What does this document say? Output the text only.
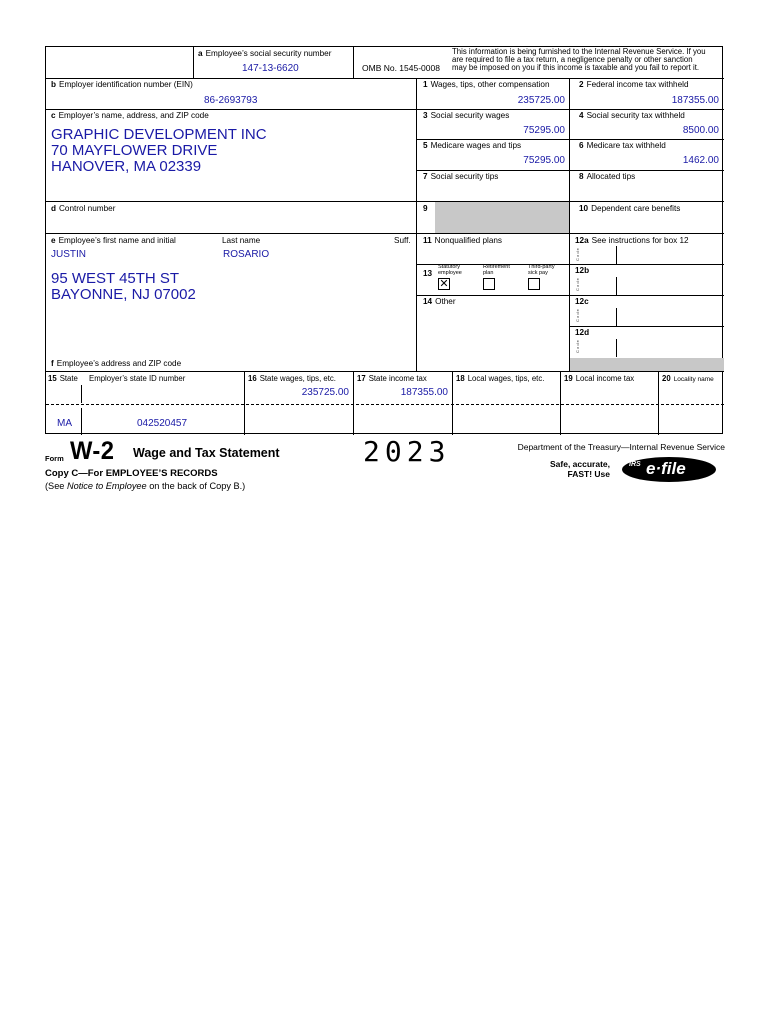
a Employee’s social security number
147-13-6620	OMB No. 1545-0008
This information is being furnished to the Internal Revenue Service. If you
are required to file a tax return, a negligence penalty or other sanction
may be imposed on you if this income is taxable and you fail to report it.
b Employer identification number (EIN)
86-2693793
c Employer’s name, address, and ZIP code
GRAPHIC DEVELOPMENT INC
70 MAYFLOWER DRIVE
HANOVER, MA 02339
d Control number
e Employee’s first name and initial	Last name	Suff.
JUSTIN	ROSARIO
95 WEST 45TH ST
BAYONNE, NJ 07002
f Employee’s address and ZIP code
1 Wages, tips, other compensation
235725.00
3 Social security wages
75295.00
5 Medicare wages and tips
75295.00
7 Social security tips
9
11 Nonqualified plans
13
Statutory employee
Retirement plan
Third-party sick pay
✕
14 Other
2 Federal income tax withheld
187355.00
4 Social security tax withheld
8500.00
6 Medicare tax withheld
1462.00
8 Allocated tips
10 Dependent care benefits
12a See instructions for box 12
C o d e
12b
C o d e
12c
C o d e
12d
C o d e
15 State Employer’s state ID number
MA	042520457
16 State wages, tips, etc.
235725.00
17 State income tax
187355.00
18 Local wages, tips, etc.	19 Local income tax	20 Locality name
Form W-2 Wage and Tax Statement	2023	Department of the Treasury—Internal Revenue Service
Copy C—For EMPLOYEE’S RECORDS
(See Notice to Employee on the back of Copy B.)
Safe, accurate,
FAST! Use
IRS e·file
